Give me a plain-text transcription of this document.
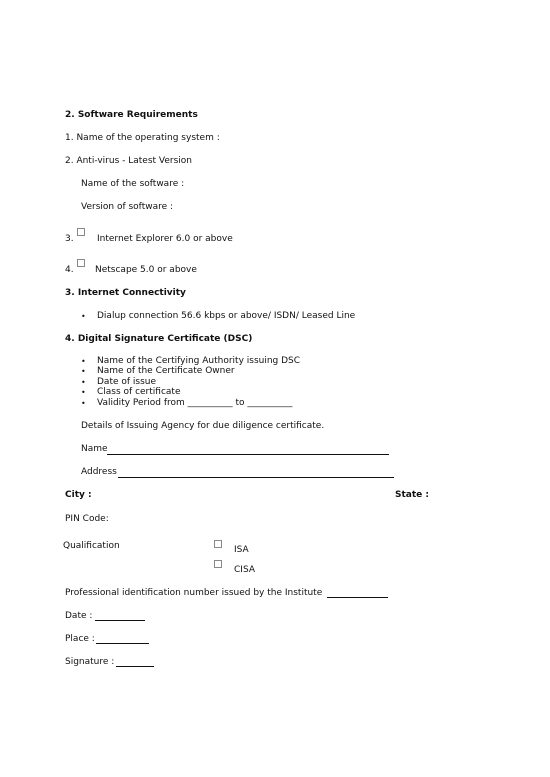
2. Software Requirements
1. Name of the operating system :
2. Anti-virus - Latest Version
Name of the software :
Version of software :
3.	Internet Explorer 6.0 or above
4. Netscape 5.0 or above
3. Internet Connectivity
• Dialup connection 56.6 kbps or above/ ISDN/ Leased Line
4. Digital Signature Certificate (DSC)
• Name of the Certifying Authority issuing DSC
• Name of the Certificate Owner
• Date of issue
• Class of certificate
• Validity Period from __________ to __________
Details of Issuing Agency for due diligence certificate.
Name
Address
City :	State :
PIN Code:
Qualification	ISA
CISA
Professional identification number issued by the Institute
Date :
Place :
Signature :
